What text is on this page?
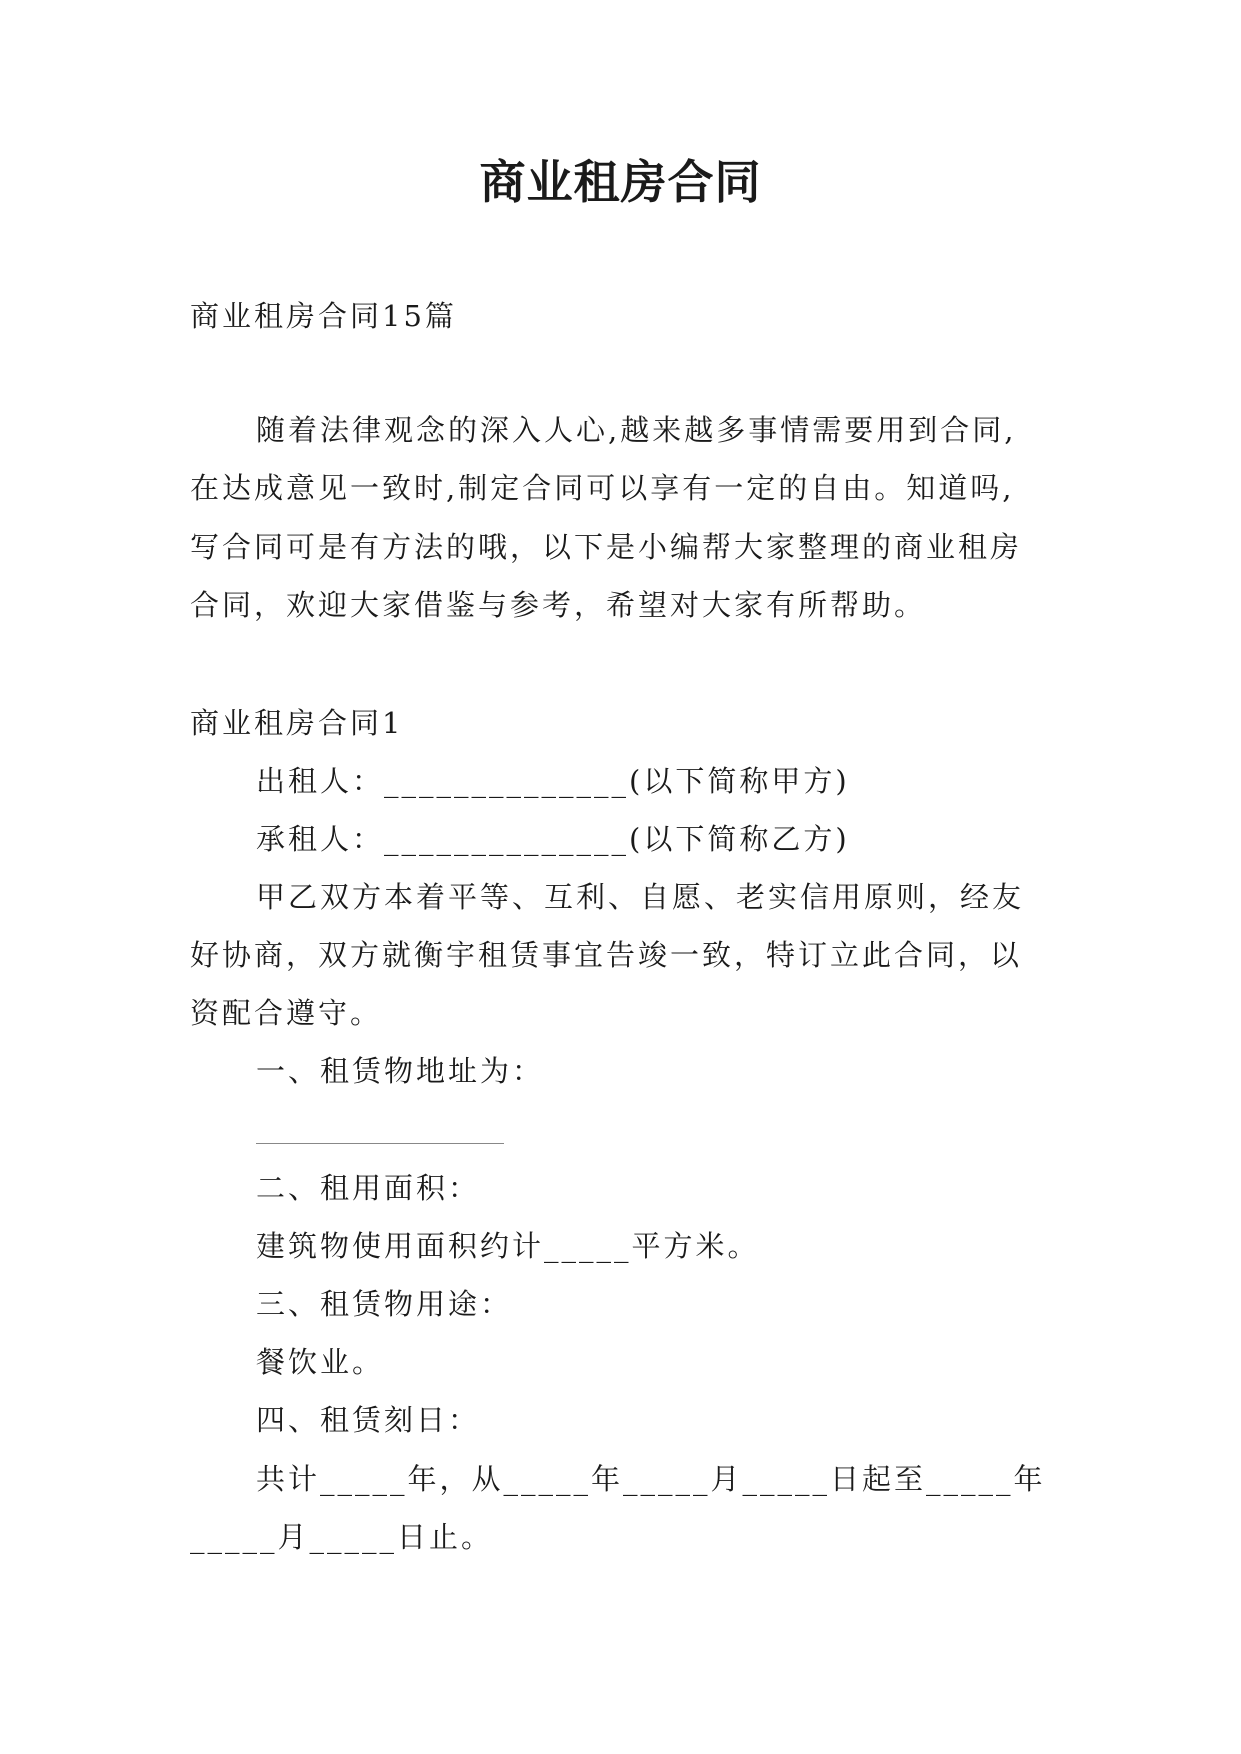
商业租房合同
商业租房合同15篇
随着法律观念的深入人心,越来越多事情需要用到合同,
在达成意见一致时,制定合同可以享有一定的自由。知道吗,
写合同可是有方法的哦，以下是小编帮大家整理的商业租房
合同，欢迎大家借鉴与参考，希望对大家有所帮助。
商业租房合同1
出租人：______________(以下简称甲方)
承租人：______________(以下简称乙方)
甲乙双方本着平等、互利、自愿、老实信用原则，经友
好协商，双方就衡宇租赁事宜告竣一致，特订立此合同，以
资配合遵守。
一、租赁物地址为：
二、租用面积：
建筑物使用面积约计_____平方米。
三、租赁物用途：
餐饮业。
四、租赁刻日：
共计_____年，从_____年_____月_____日起至_____年
_____月_____日止。
